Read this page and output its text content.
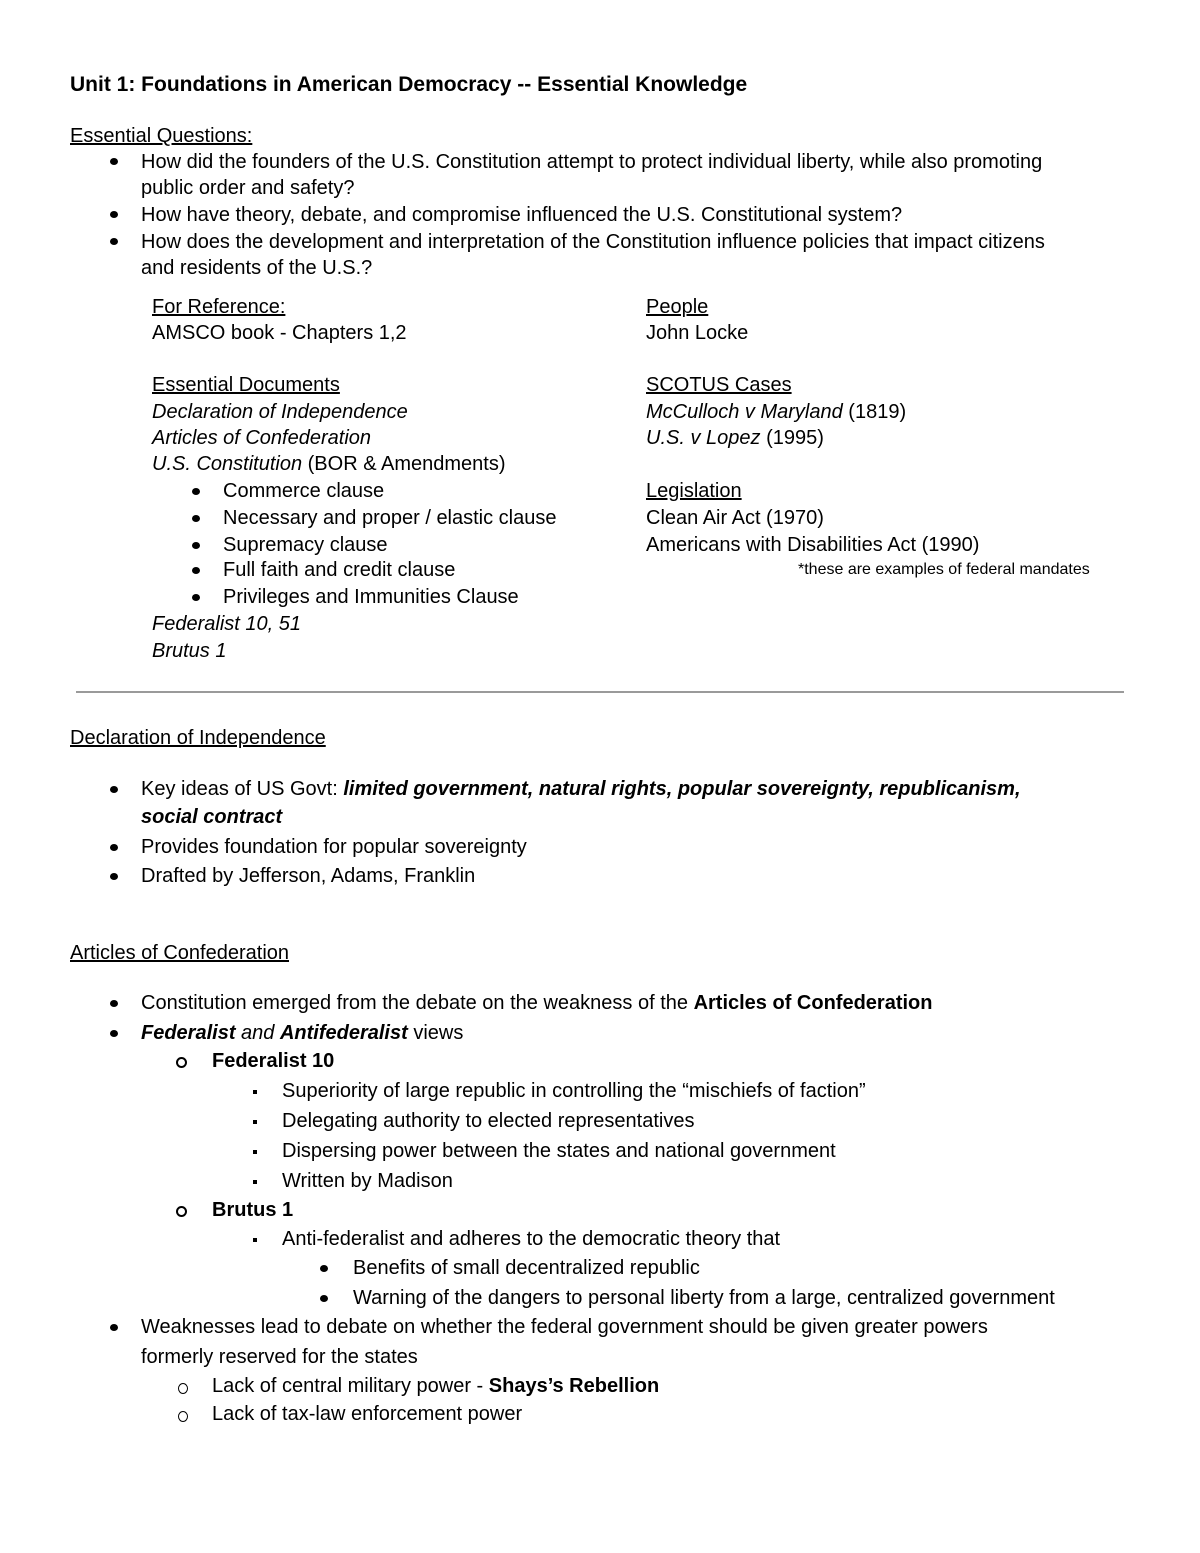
Unit 1: Foundations in American Democracy -- Essential Knowledge
Essential Questions:
How did the founders of the U.S. Constitution attempt to protect individual liberty, while also promoting
public order and safety?
How have theory, debate, and compromise influenced the U.S. Constitutional system?
How does the development and interpretation of the Constitution influence policies that impact citizens
and residents of the U.S.?
For Reference:
AMSCO book - Chapters 1,2
Essential Documents
Declaration of Independence
Articles of Confederation
U.S. Constitution (BOR & Amendments)
Commerce clause
Necessary and proper / elastic clause
Supremacy clause
Full faith and credit clause
Privileges and Immunities Clause
Federalist 10, 51
Brutus 1
People
John Locke
SCOTUS Cases
McCulloch v Maryland (1819)
U.S. v Lopez (1995)
Legislation
Clean Air Act (1970)
Americans with Disabilities Act (1990)
*these are examples of federal mandates
Declaration of Independence
Key ideas of US Govt: limited government, natural rights, popular sovereignty, republicanism,
social contract
Provides foundation for popular sovereignty
Drafted by Jefferson, Adams, Franklin
Articles of Confederation
Constitution emerged from the debate on the weakness of the Articles of Confederation
Federalist and Antifederalist views
Federalist 10
Superiority of large republic in controlling the “mischiefs of faction”
Delegating authority to elected representatives
Dispersing power between the states and national government
Written by Madison
Brutus 1
Anti-federalist and adheres to the democratic theory that
Benefits of small decentralized republic
Warning of the dangers to personal liberty from a large, centralized government
Weaknesses lead to debate on whether the federal government should be given greater powers
formerly reserved for the states
Lack of central military power - Shays’s Rebellion
Lack of tax-law enforcement power
